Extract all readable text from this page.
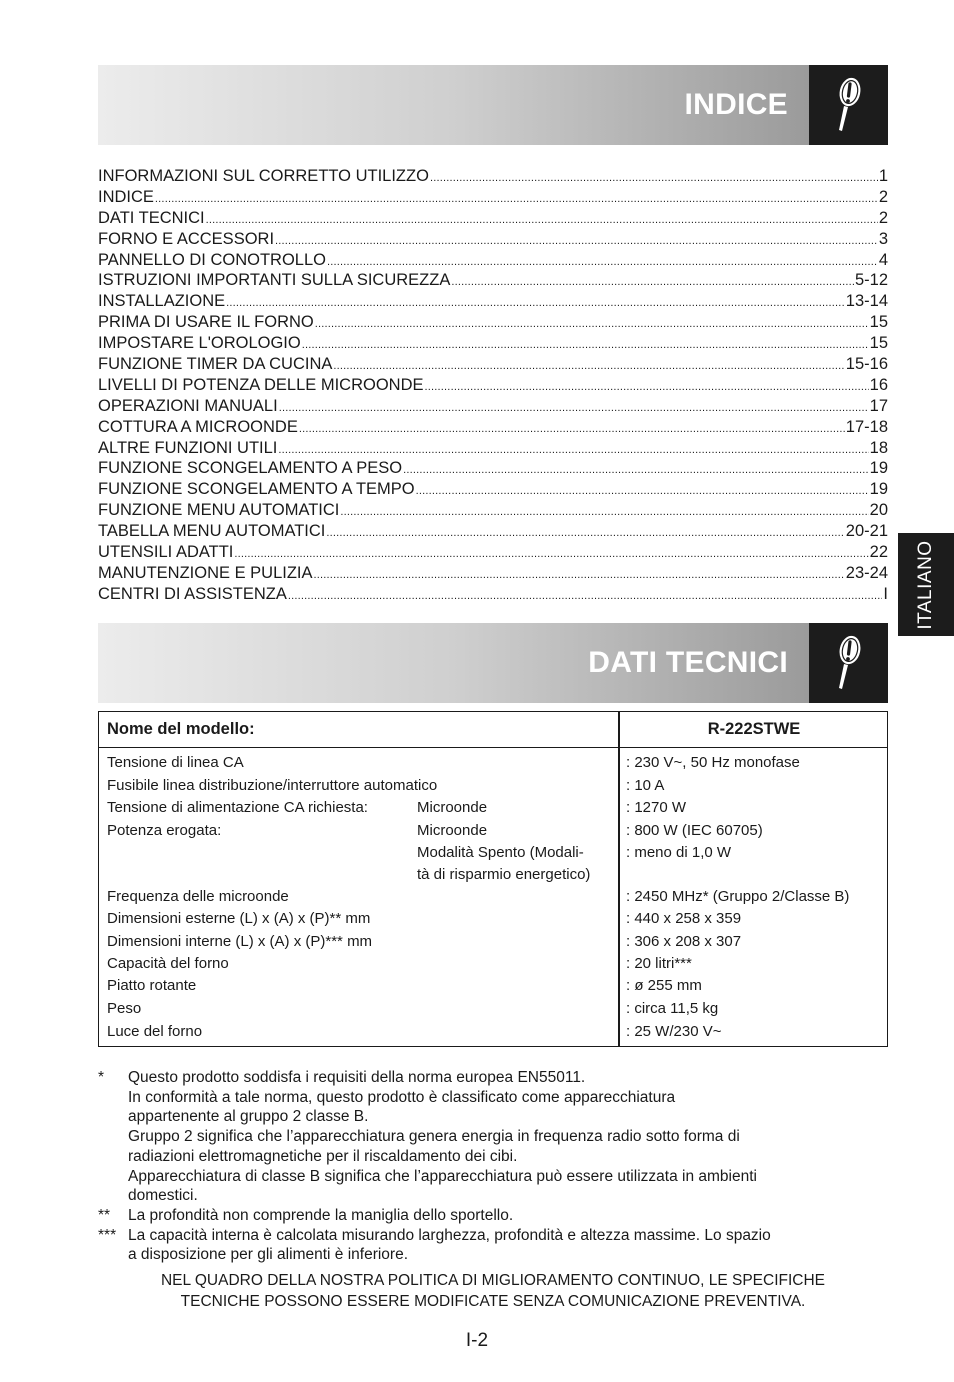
INDICE
INFORMAZIONI SUL CORRETTO UTILIZZO .....	1
INDICE .....	2
DATI TECNICI .....	2
FORNO E ACCESSORI .....	3
PANNELLO DI CONOTROLLO .....	4
ISTRUZIONI IMPORTANTI SULLA SICUREZZA .....	5-12
INSTALLAZIONE .....	13-14
PRIMA DI USARE IL FORNO .....	15
IMPOSTARE L'OROLOGIO .....	15
FUNZIONE TIMER DA CUCINA .....	15-16
LIVELLI DI POTENZA DELLE MICROONDE .....	16
OPERAZIONI MANUALI .....	17
COTTURA A MICROONDE .....	17-18
ALTRE FUNZIONI UTILI .....	18
FUNZIONE SCONGELAMENTO A PESO .....	19
FUNZIONE SCONGELAMENTO A TEMPO .....	19
FUNZIONE MENU AUTOMATICI .....	20
TABELLA MENU AUTOMATICI .....	20-21
UTENSILI ADATTI .....	22
MANUTENZIONE E PULIZIA .....	23-24
CENTRI DI ASSISTENZA .....	I ITALIANO
DATI TECNICI
Nome del modello:	R-222STWE
Tensione di linea CA	: 230 V~, 50 Hz monofase
Fusibile linea distribuzione/interruttore automatico	: 10 A
Tensione di alimentazione CA richiesta:	Microonde	: 1270 W
Potenza erogata:	Microonde	: 800 W (IEC 60705)
Modalità Spento (Modali-	: meno di 1,0 W
tà di risparmio energetico)
Frequenza delle microonde	: 2450 MHz* (Gruppo 2/Classe B)
Dimensioni esterne (L) x (A) x (P)** mm	: 440 x 258 x 359
Dimensioni interne (L) x (A) x (P)*** mm	: 306 x 208 x 307
Capacità del forno	: 20 litri***
Piatto rotante	: ø 255 mm
Peso	: circa 11,5 kg
Luce del forno	: 25 W/230 V~
* Questo prodotto soddisfa i requisiti della norma europea EN55011.
In conformità a tale norma, questo prodotto è classificato come apparecchiatura
appartenente al gruppo 2 classe B.
Gruppo 2 significa che l’apparecchiatura genera energia in frequenza radio sotto forma di
radiazioni elettromagnetiche per il riscaldamento dei cibi.
Apparecchiatura di classe B significa che l’apparecchiatura può essere utilizzata in ambienti
domestici.
** La profondità non comprende la maniglia dello sportello.
*** La capacità interna è calcolata misurando larghezza, profondità e altezza massime. Lo spazio
a disposizione per gli alimenti è inferiore.
NEL QUADRO DELLA NOSTRA POLITICA DI MIGLIORAMENTO CONTINUO, LE SPECIFICHE
TECNICHE POSSONO ESSERE MODIFICATE SENZA COMUNICAZIONE PREVENTIVA.
I-2
